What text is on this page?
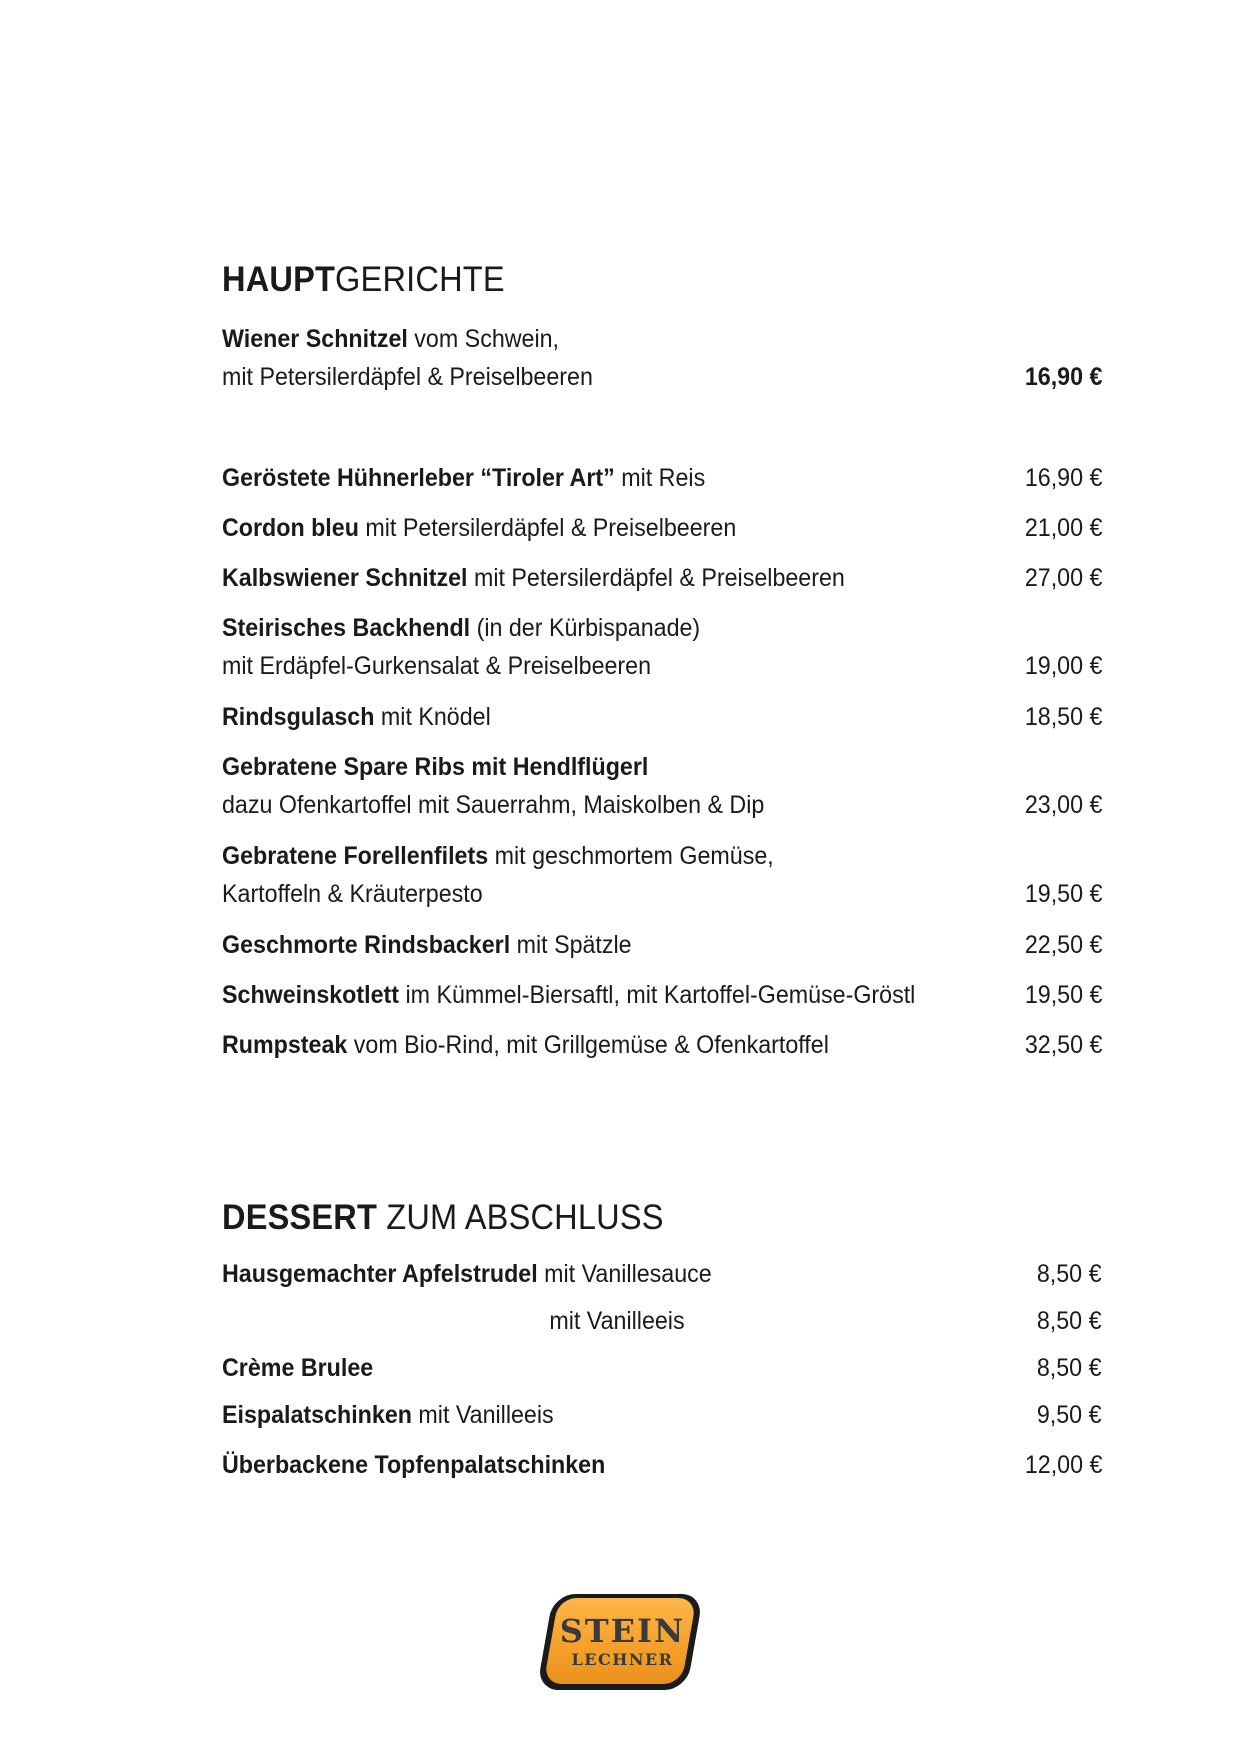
HAUPTGERICHTE
Wiener Schnitzel vom Schwein,
mit Petersilerdäpfel & Preiselbeeren	16,90 €
Geröstete Hühnerleber “Tiroler Art” mit Reis	16,90 €
Cordon bleu mit Petersilerdäpfel & Preiselbeeren	21,00 €
Kalbswiener Schnitzel mit Petersilerdäpfel & Preiselbeeren	27,00 €
Steirisches Backhendl (in der Kürbispanade)
mit Erdäpfel-Gurkensalat & Preiselbeeren	19,00 €
Rindsgulasch mit Knödel	18,50 €
Gebratene Spare Ribs mit Hendlflügerl
dazu Ofenkartoffel mit Sauerrahm, Maiskolben & Dip	23,00 €
Gebratene Forellenfilets mit geschmortem Gemüse,
Kartoffeln & Kräuterpesto	19,50 €
Geschmorte Rindsbackerl mit Spätzle	22,50 €
Schweinskotlett im Kümmel-Biersaftl, mit Kartoffel-Gemüse-Gröstl	19,50 €
Rumpsteak vom Bio-Rind, mit Grillgemüse & Ofenkartoffel	32,50 €
DESSERT ZUM ABSCHLUSS
Hausgemachter Apfelstrudel mit Vanillesauce	8,50 €
mit Vanilleeis	8,50 €
Crème Brulee	8,50 €
Eispalatschinken mit Vanilleeis	9,50 €
Überbackene Topfenpalatschinken	12,00 €
STEIN
LECHNER
